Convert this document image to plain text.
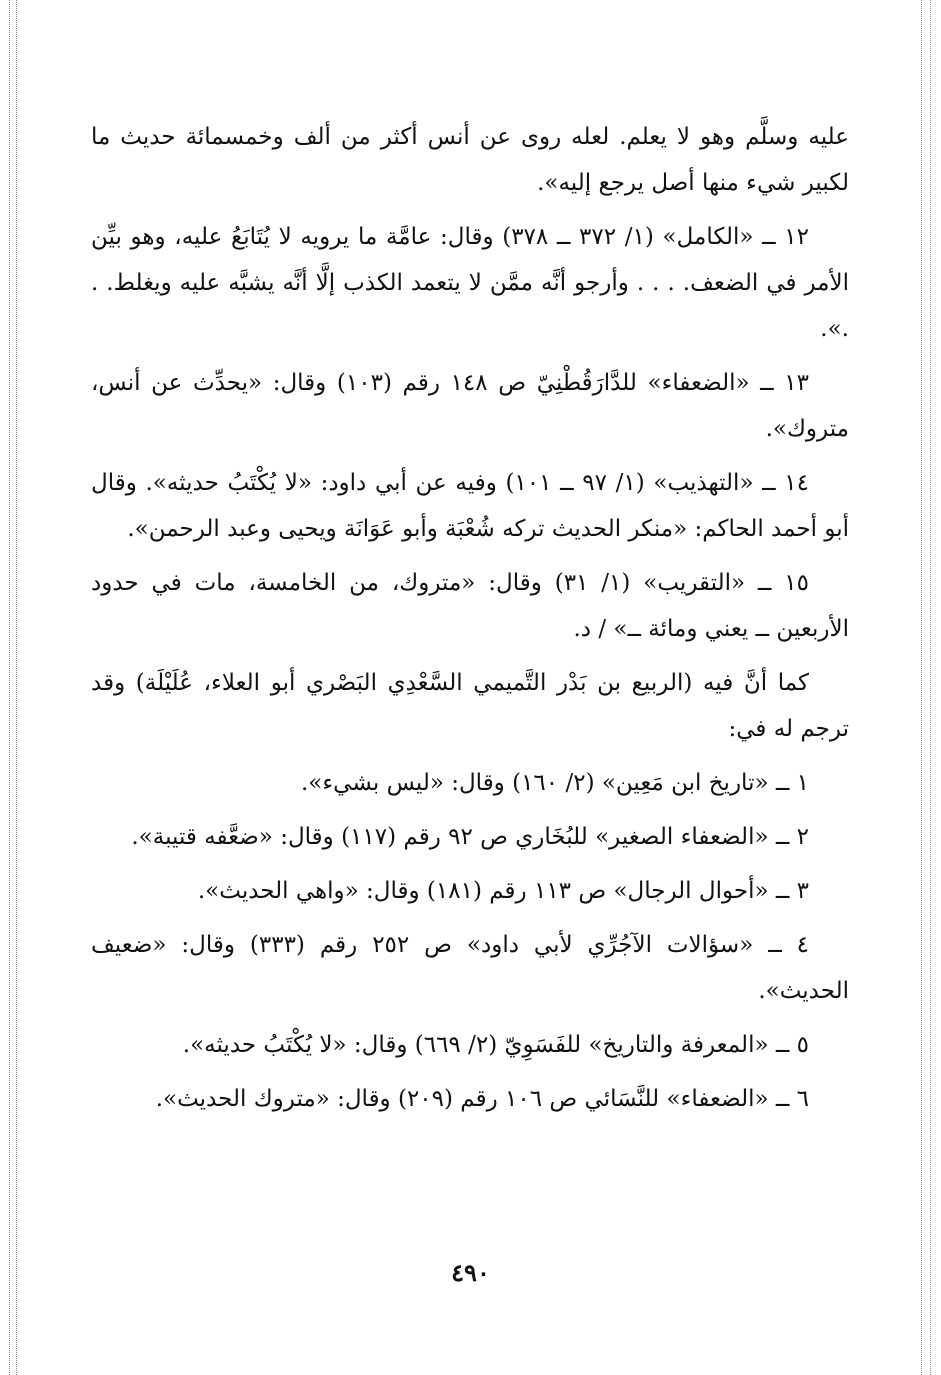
عليه وسلَّم وهو لا يعلم. لعله روى عن أنس أكثر من ألف وخمسمائة حديث ما لكبير شيء منها أصل يرجع إليه».

١٢ ــ «الكامل» (١/ ٣٧٢ ــ ٣٧٨) وقال: عامَّة ما يرويه لا يُتَابَعُ عليه، وهو بيِّن الأمر في الضعف. . . . وأرجو أنَّه ممَّن لا يتعمد الكذب إلَّا أنَّه يشبَّه عليه ويغلط. . .».

١٣ ــ «الضعفاء» للدَّارَقُطْنِيّ ص ١٤٨ رقم (١٠٣) وقال: «يحدِّث عن أنس، متروك».

١٤ ــ «التهذيب» (١/ ٩٧ ــ ١٠١) وفيه عن أبي داود: «لا يُكْتَبُ حديثه». وقال أبو أحمد الحاكم: «منكر الحديث تركه شُعْبَة وأبو عَوَانَة ويحيى وعبد الرحمن».

١٥ ــ «التقريب» (١/ ٣١) وقال: «متروك، من الخامسة، مات في حدود الأربعين ــ يعني ومائة ــ» / د.

كما أنَّ فيه (الربيع بن بَدْر التَّميمي السَّعْدِي البَصْري أبو العلاء، عُلَيْلَة) وقد ترجم له في:

١ ــ «تاريخ ابن مَعِين» (٢/ ١٦٠) وقال: «ليس بشيء».

٢ ــ «الضعفاء الصغير» للبُخَاري ص ٩٢ رقم (١١٧) وقال: «ضعَّفه قتيبة».

٣ ــ «أحوال الرجال» ص ١١٣ رقم (١٨١) وقال: «واهي الحديث».

٤ ــ «سؤالات الآجُرِّي لأبي داود» ص ٢٥٢ رقم (٣٣٣) وقال: «ضعيف الحديث».

٥ ــ «المعرفة والتاريخ» للفَسَوِيّ (٢/ ٦٦٩) وقال: «لا يُكْتَبُ حديثه».

٦ ــ «الضعفاء» للنَّسَائي ص ١٠٦ رقم (٢٠٩) وقال: «متروك الحديث».

٤٩٠
